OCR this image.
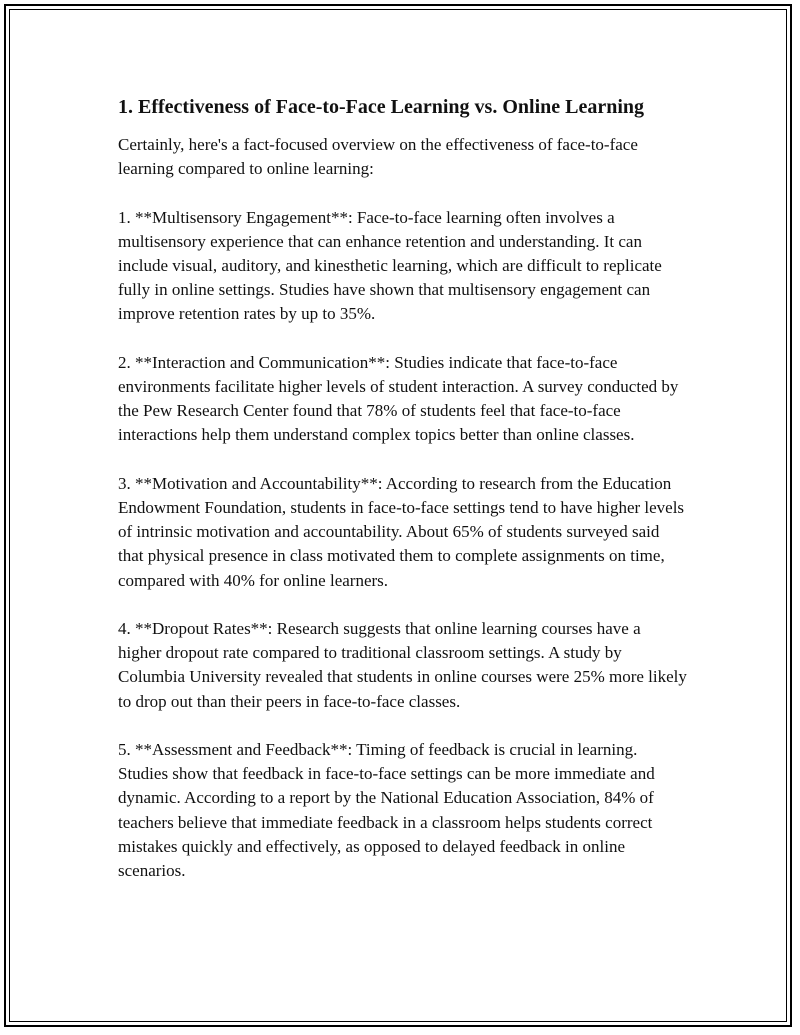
1. Effectiveness of Face-to-Face Learning vs. Online Learning

Certainly, here's a fact-focused overview on the effectiveness of face-to-face learning compared to online learning:

1. **Multisensory Engagement**: Face-to-face learning often involves a multisensory experience that can enhance retention and understanding. It can include visual, auditory, and kinesthetic learning, which are difficult to replicate fully in online settings. Studies have shown that multisensory engagement can improve retention rates by up to 35%.

2. **Interaction and Communication**: Studies indicate that face-to-face environments facilitate higher levels of student interaction. A survey conducted by the Pew Research Center found that 78% of students feel that face-to-face interactions help them understand complex topics better than online classes.

3. **Motivation and Accountability**: According to research from the Education Endowment Foundation, students in face-to-face settings tend to have higher levels of intrinsic motivation and accountability. About 65% of students surveyed said that physical presence in class motivated them to complete assignments on time, compared with 40% for online learners.

4. **Dropout Rates**: Research suggests that online learning courses have a higher dropout rate compared to traditional classroom settings. A study by Columbia University revealed that students in online courses were 25% more likely to drop out than their peers in face-to-face classes.

5. **Assessment and Feedback**: Timing of feedback is crucial in learning. Studies show that feedback in face-to-face settings can be more immediate and dynamic. According to a report by the National Education Association, 84% of teachers believe that immediate feedback in a classroom helps students correct mistakes quickly and effectively, as opposed to delayed feedback in online scenarios.
